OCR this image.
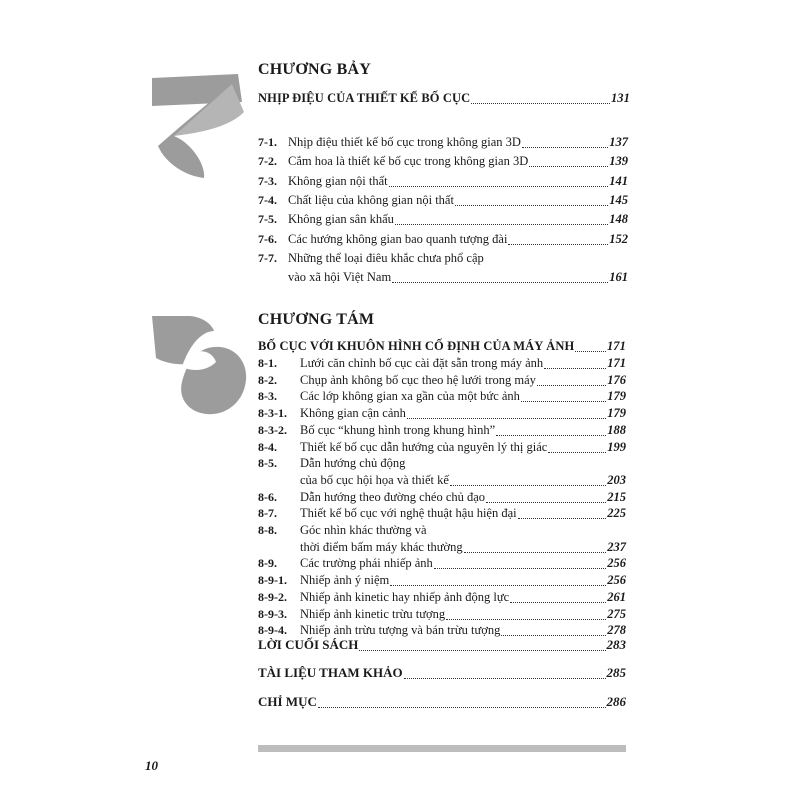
CHƯƠNG BẢY
NHỊP ĐIỆU CỦA THIẾT KẾ BỐ CỤC	131
7-1. Nhịp điệu thiết kế bố cục trong không gian 3D	137
7-2. Cắm hoa là thiết kế bố cục trong không gian 3D	139
7-3. Không gian nội thất	141
7-4. Chất liệu của không gian nội thất	145
7-5. Không gian sân khấu	148
7-6. Các hướng không gian bao quanh tượng đài	152
7-7. Những thể loại điêu khắc chưa phổ cập
vào xã hội Việt Nam	161
CHƯƠNG TÁM
BỐ CỤC VỚI KHUÔN HÌNH CỐ ĐỊNH CỦA MÁY ẢNH	171
8-1.	Lưới căn chỉnh bố cục cài đặt sẵn trong máy ảnh	171
8-2.	Chụp ảnh không bố cục theo hệ lưới trong máy	176
8-3.	Các lớp không gian xa gần của một bức ảnh	179
8-3-1.	Không gian cận cảnh	179
8-3-2.	Bố cục “khung hình trong khung hình”	188
8-4.	Thiết kế bố cục dẫn hướng của nguyên lý thị giác	199
8-5.	Dẫn hướng chủ động
của bố cục hội họa và thiết kế	203
8-6.	Dẫn hướng theo đường chéo chủ đạo	215
8-7.	Thiết kế bố cục với nghệ thuật hậu hiện đại	225
8-8.	Góc nhìn khác thường và
thời điểm bấm máy khác thường	237
8-9.	Các trường phái nhiếp ảnh	256
8-9-1.	Nhiếp ảnh ý niệm	256
8-9-2.	Nhiếp ảnh kinetic hay nhiếp ảnh động lực	261
8-9-3.	Nhiếp ảnh kinetic trừu tượng	275
8-9-4.	Nhiếp ảnh trừu tượng và bán trừu tượng	278
LỜI CUỐI SÁCH	283
TÀI LIỆU THAM KHẢO	285
CHỈ MỤC	286
10
